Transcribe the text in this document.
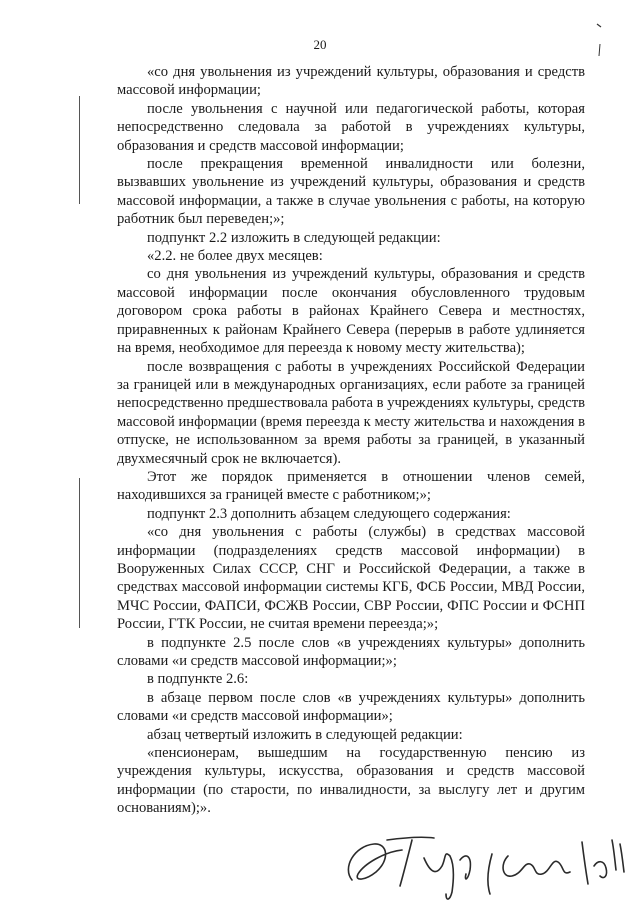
20

«со дня увольнения из учреждений культуры, образования и средств массовой информации;

после увольнения с научной или педагогической работы, которая непосредственно следовала за работой в учреждениях культуры, образования и средств массовой информации;

после прекращения временной инвалидности или болезни, вызвавших увольнение из учреждений культуры, образования и средств массовой информации, а также в случае увольнения с работы, на которую работник был переведен;»;

подпункт 2.2 изложить в следующей редакции:

«2.2. не более двух месяцев:

со дня увольнения из учреждений культуры, образования и средств массовой информации после окончания обусловленного трудовым договором срока работы в районах Крайнего Севера и местностях, приравненных к районам Крайнего Севера (перерыв в работе удлиняется на время, необходимое для переезда к новому месту жительства);

после возвращения с работы в учреждениях Российской Федерации за границей или в международных организациях, если работе за границей непосредственно предшествовала работа в учреждениях культуры, средств массовой информации (время переезда к месту жительства и нахождения в отпуске, не использованном за время работы за границей, в указанный двухмесячный срок не включается).

Этот же порядок применяется в отношении членов семей, находившихся за границей вместе с работником;»;

подпункт 2.3 дополнить абзацем следующего содержания:

«со дня увольнения с работы (службы) в средствах массовой информации (подразделениях средств массовой информации) в Вооруженных Силах СССР, СНГ и Российской Федерации, а также в средствах массовой информации системы КГБ, ФСБ России, МВД России, МЧС России, ФАПСИ, ФСЖВ России, СВР России, ФПС России и ФСНП России, ГТК России, не считая времени переезда;»;

в подпункте 2.5 после слов «в учреждениях культуры» дополнить словами «и средств массовой информации;»;

в подпункте 2.6:

в абзаце первом после слов «в учреждениях культуры» дополнить словами «и средств массовой информации»;

абзац четвертый изложить в следующей редакции:

«пенсионерам, вышедшим на государственную пенсию из учреждения культуры, искусства, образования и средств массовой информации (по старости, по инвалидности, за выслугу лет и другим основаниям);».
